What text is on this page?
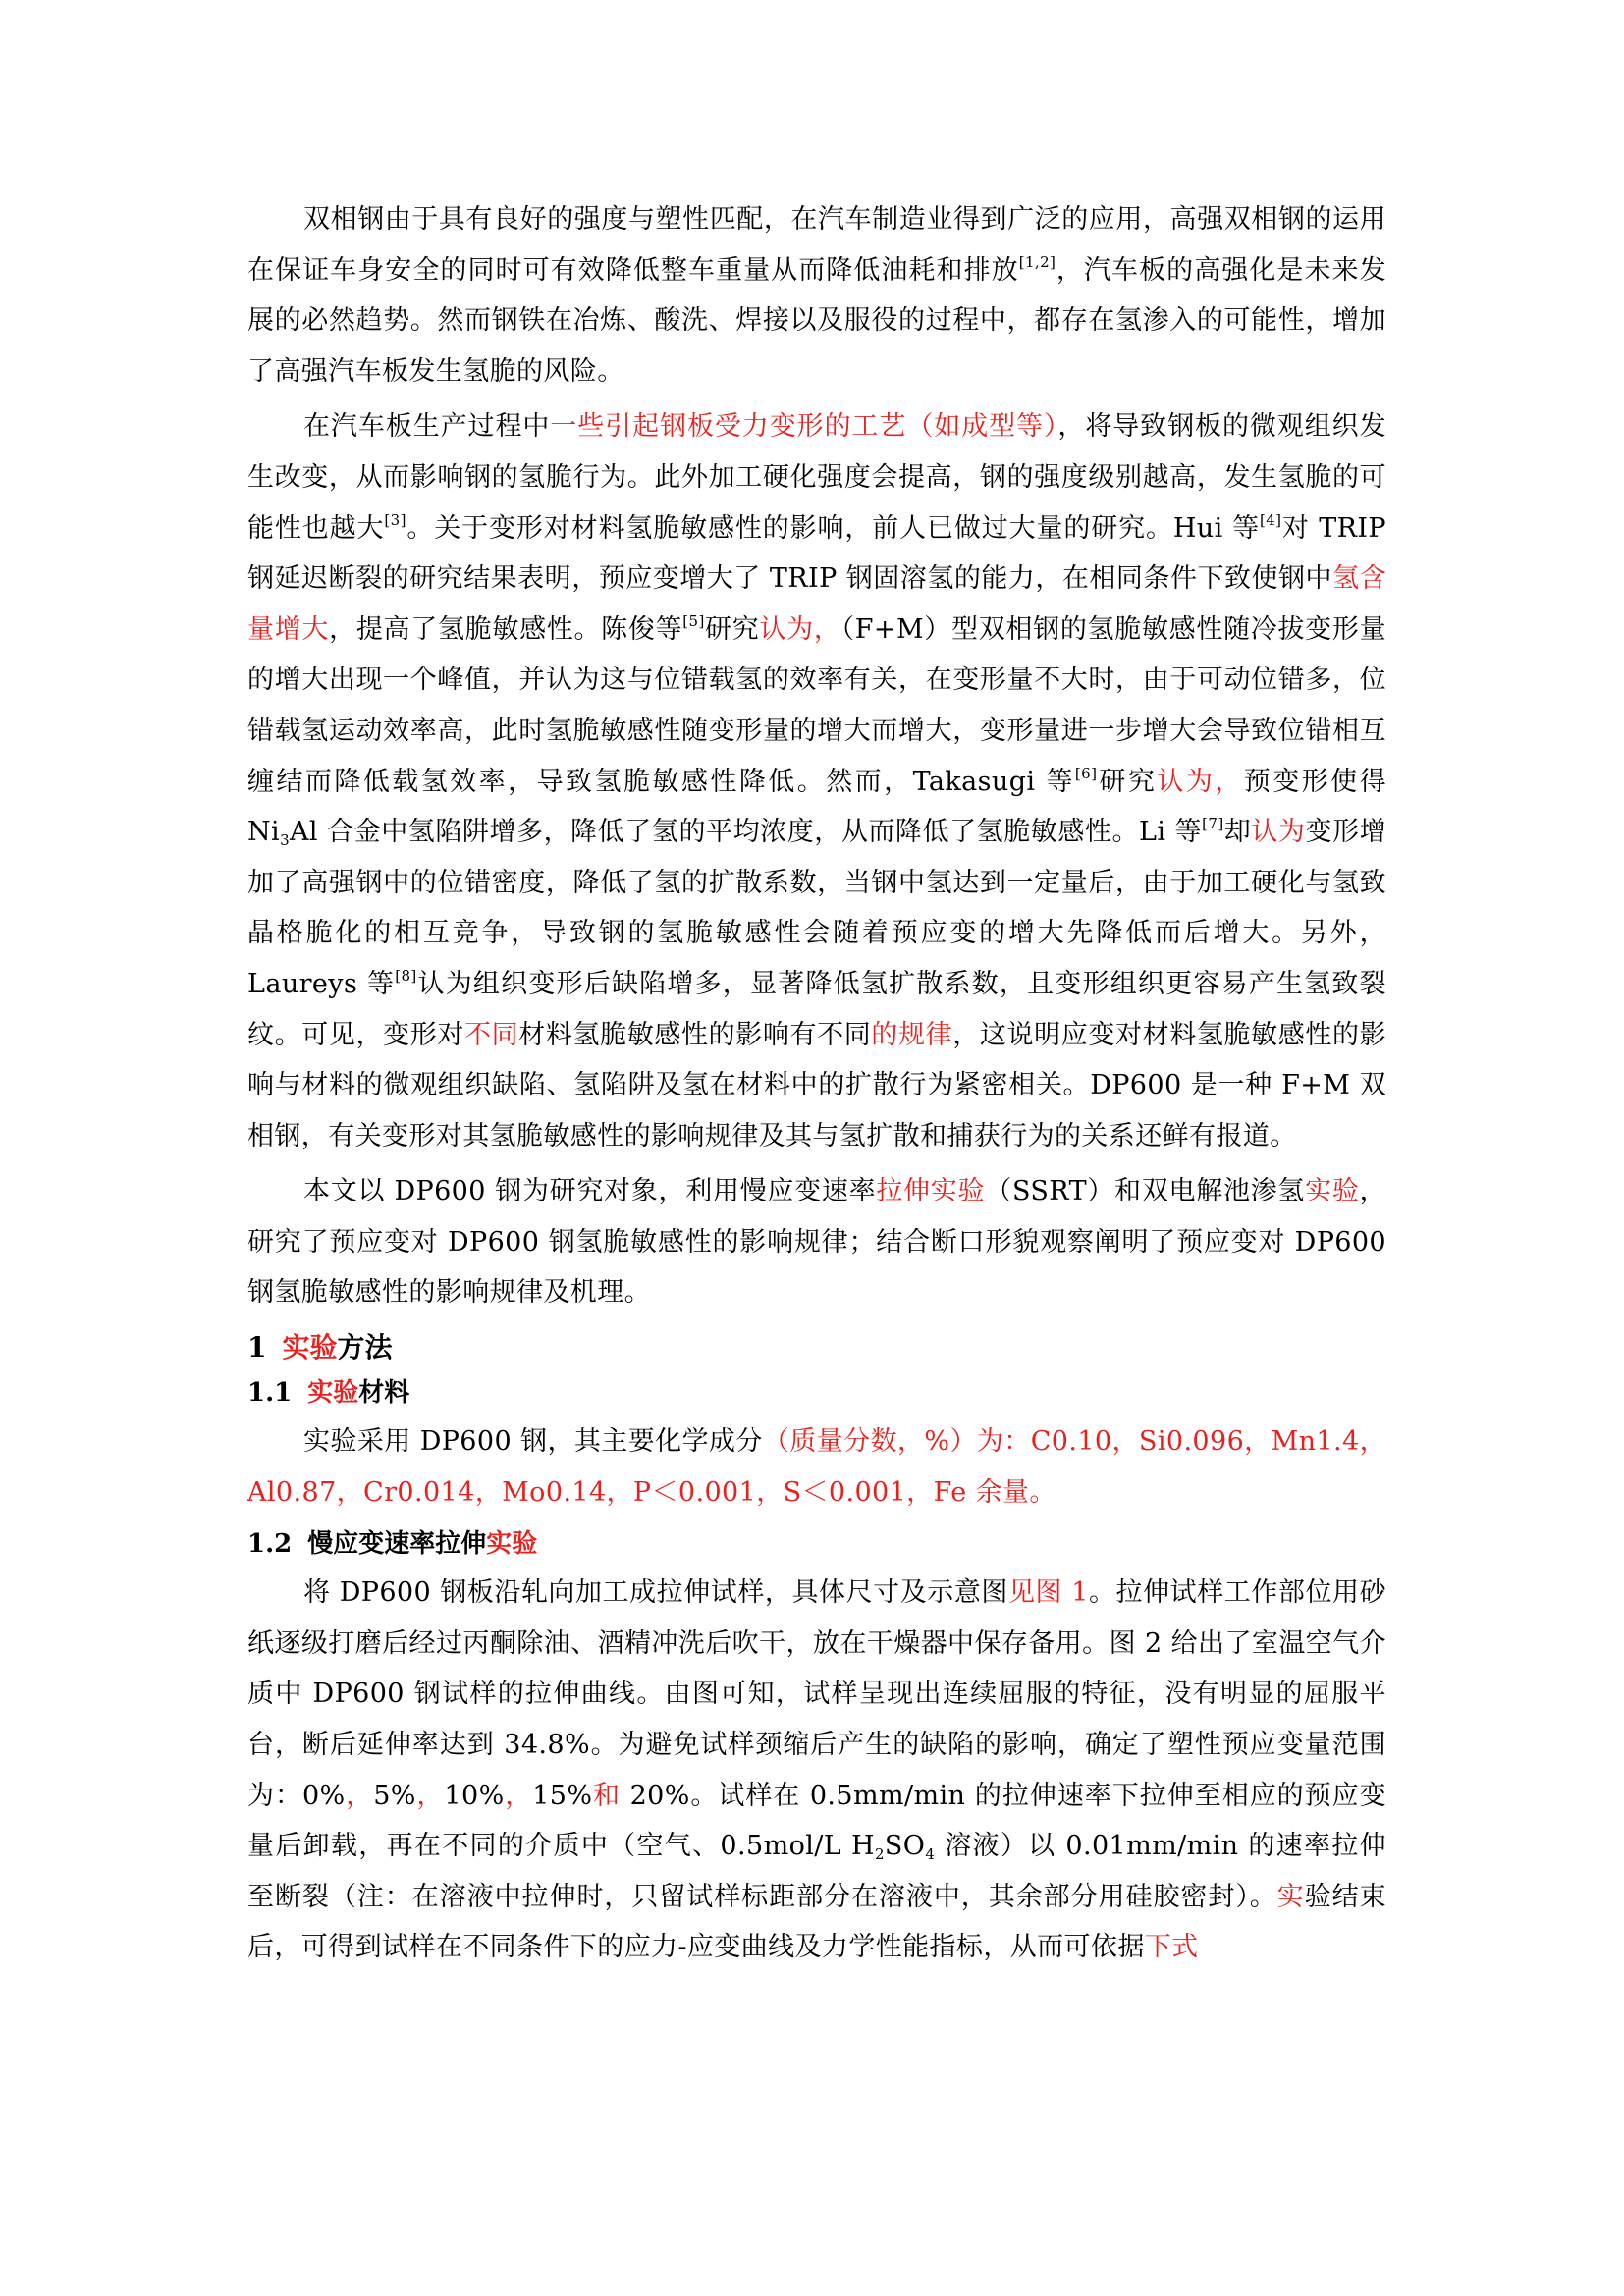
双相钢由于具有良好的强度与塑性匹配，在汽车制造业得到广泛的应用，高强双相钢的运用在保证车身安全的同时可有效降低整车重量从而降低油耗和排放[1,2]，汽车板的高强化是未来发展的必然趋势。然而钢铁在冶炼、酸洗、焊接以及服役的过程中，都存在氢渗入的可能性，增加了高强汽车板发生氢脆的风险。

在汽车板生产过程中一些引起钢板受力变形的工艺（如成型等），将导致钢板的微观组织发生改变，从而影响钢的氢脆行为。此外加工硬化强度会提高，钢的强度级别越高，发生氢脆的可能性也越大[3]。关于变形对材料氢脆敏感性的影响，前人已做过大量的研究。Hui 等[4]对 TRIP 钢延迟断裂的研究结果表明，预应变增大了 TRIP 钢固溶氢的能力，在相同条件下致使钢中氢含量增大，提高了氢脆敏感性。陈俊等[5]研究认为，（F+M）型双相钢的氢脆敏感性随冷拔变形量的增大出现一个峰值，并认为这与位错载氢的效率有关，在变形量不大时，由于可动位错多，位错载氢运动效率高，此时氢脆敏感性随变形量的增大而增大，变形量进一步增大会导致位错相互缠结而降低载氢效率，导致氢脆敏感性降低。然而，Takasugi 等[6]研究认为，预变形使得 $Ni_3Al$ 合金中氢陷阱增多，降低了氢的平均浓度，从而降低了氢脆敏感性。Li 等[7]却认为变形增加了高强钢中的位错密度，降低了氢的扩散系数，当钢中氢达到一定量后，由于加工硬化与氢致晶格脆化的相互竞争，导致钢的氢脆敏感性会随着预应变的增大先降低而后增大。另外，Laureys 等[8]认为组织变形后缺陷增多，显著降低氢扩散系数，且变形组织更容易产生氢致裂纹。可见，变形对不同材料氢脆敏感性的影响有不同的规律，这说明应变对材料氢脆敏感性的影响与材料的微观组织缺陷、氢陷阱及氢在材料中的扩散行为紧密相关。DP600 是一种 F+M 双相钢，有关变形对其氢脆敏感性的影响规律及其与氢扩散和捕获行为的关系还鲜有报道。

本文以 DP600 钢为研究对象，利用慢应变速率拉伸实验（SSRT）和双电解池渗氢实验，研究了预应变对 DP600 钢氢脆敏感性的影响规律；结合断口形貌观察阐明了预应变对 DP600 钢氢脆敏感性的影响规律及机理。

1 实验方法
1.1 实验材料

实验采用 DP600 钢，其主要化学成分（质量分数，%）为：C0.10，Si0.096，Mn1.4，Al0.87，Cr0.014，Mo0.14，P＜0.001，S＜0.001，Fe 余量。

1.2 慢应变速率拉伸实验

将 DP600 钢板沿轧向加工成拉伸试样，具体尺寸及示意图见图 1。拉伸试样工作部位用砂纸逐级打磨后经过丙酮除油、酒精冲洗后吹干，放在干燥器中保存备用。图 2 给出了室温空气介质中 DP600 钢试样的拉伸曲线。由图可知，试样呈现出连续屈服的特征，没有明显的屈服平台，断后延伸率达到 34.8%。为避免试样颈缩后产生的缺陷的影响，确定了塑性预应变量范围为：0%，5%，10%，15%和 20%。试样在 0.5mm/min 的拉伸速率下拉伸至相应的预应变量后卸载，再在不同的介质中（空气、0.5mol/L $H_2SO_4$ 溶液）以 0.01mm/min 的速率拉伸至断裂（注：在溶液中拉伸时，只留试样标距部分在溶液中，其余部分用硅胶密封）。实验结束后，可得到试样在不同条件下的应力-应变曲线及力学性能指标，从而可依据下式
